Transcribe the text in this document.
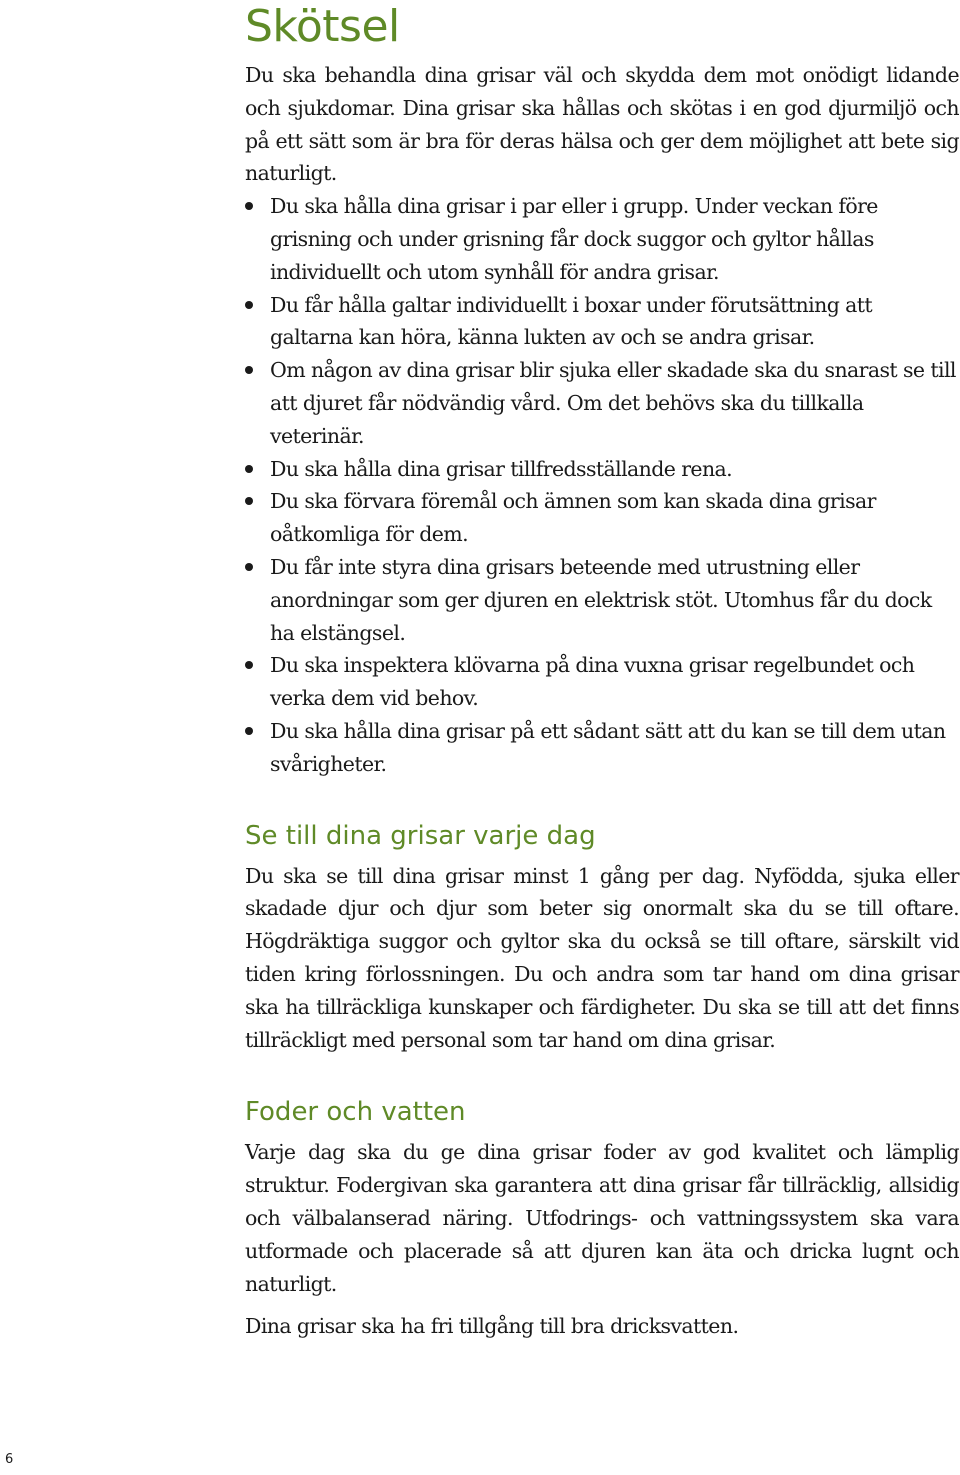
Skötsel

Du ska behandla dina grisar väl och skydda dem mot onödigt lidande och sjukdomar. Dina grisar ska hållas och skötas i en god djurmiljö och på ett sätt som är bra för deras hälsa och ger dem möjlighet att bete sig naturligt.

Du ska hålla dina grisar i par eller i grupp. Under veckan före grisning och under grisning får dock suggor och gyltor hållas individuellt och utom synhåll för andra grisar.
Du får hålla galtar individuellt i boxar under förutsättning att galtarna kan höra, känna lukten av och se andra grisar.
Om någon av dina grisar blir sjuka eller skadade ska du snarast se till att djuret får nödvändig vård. Om det behövs ska du tillkalla veterinär.
Du ska hålla dina grisar tillfredsställande rena.
Du ska förvara föremål och ämnen som kan skada dina grisar oåtkomliga för dem.
Du får inte styra dina grisars beteende med utrustning eller anordningar som ger djuren en elektrisk stöt. Utomhus får du dock ha elstängsel.
Du ska inspektera klövarna på dina vuxna grisar regelbundet och verka dem vid behov.
Du ska hålla dina grisar på ett sådant sätt att du kan se till dem utan svårigheter.
Se till dina grisar varje dag

Du ska se till dina grisar minst 1 gång per dag. Nyfödda, sjuka eller skadade djur och djur som beter sig onormalt ska du se till oftare. Högdräktiga suggor och gyltor ska du också se till oftare, särskilt vid tiden kring förlossningen. Du och andra som tar hand om dina grisar ska ha tillräckliga kunskaper och färdigheter. Du ska se till att det finns tillräckligt med personal som tar hand om dina grisar.

Foder och vatten

Varje dag ska du ge dina grisar foder av god kvalitet och lämplig struktur. Fodergivan ska garantera att dina grisar får tillräcklig, allsidig och välbalanserad näring. Utfodrings- och vattningssystem ska vara utformade och placerade så att djuren kan äta och dricka lugnt och naturligt.

Dina grisar ska ha fri tillgång till bra dricksvatten.

6
